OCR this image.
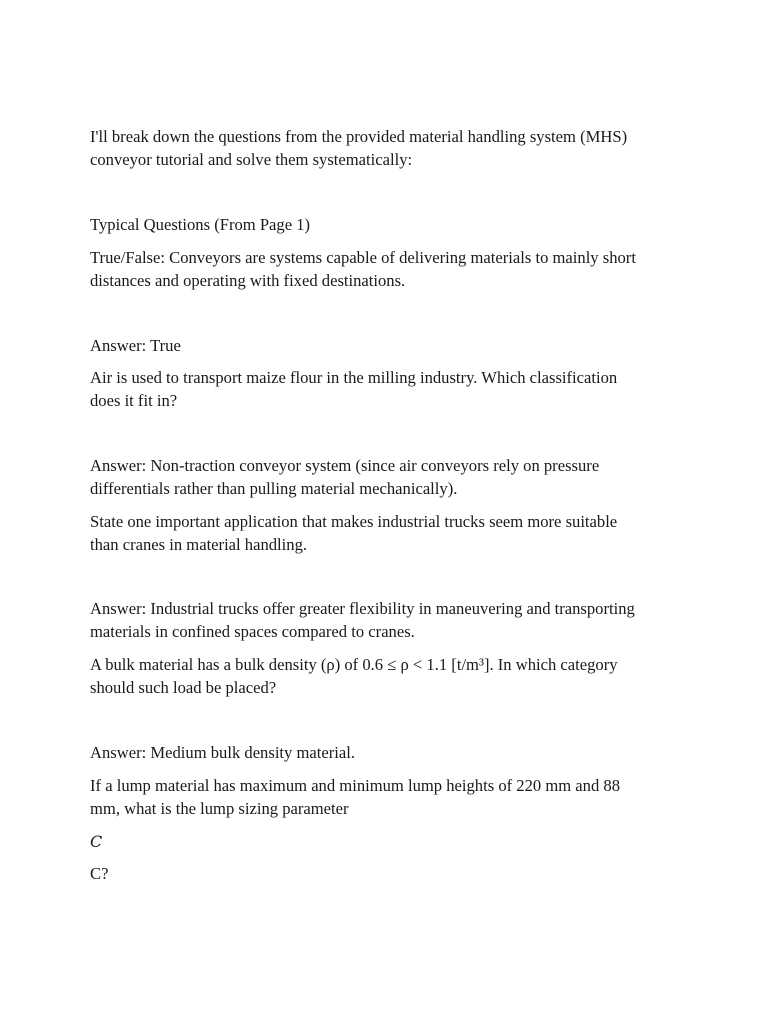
I'll break down the questions from the provided material handling system (MHS)
conveyor tutorial and solve them systematically:

Typical Questions (From Page 1)

True/False: Conveyors are systems capable of delivering materials to mainly short
distances and operating with fixed destinations.

Answer: True

Air is used to transport maize flour in the milling industry. Which classification
does it fit in?

Answer: Non-traction conveyor system (since air conveyors rely on pressure
differentials rather than pulling material mechanically).

State one important application that makes industrial trucks seem more suitable
than cranes in material handling.

Answer: Industrial trucks offer greater flexibility in maneuvering and transporting
materials in confined spaces compared to cranes.

A bulk material has a bulk density (ρ) of 0.6 ≤ ρ < 1.1 [t/m³]. In which category
should such load be placed?

Answer: Medium bulk density material.

If a lump material has maximum and minimum lump heights of 220 mm and 88
mm, what is the lump sizing parameter

C

C?
